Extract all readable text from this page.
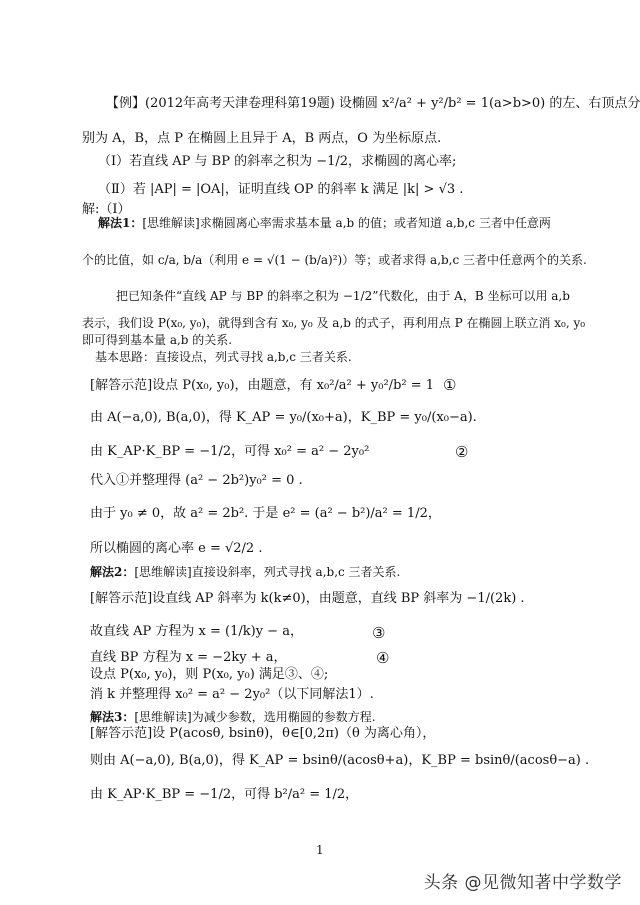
【例】(2012年高考天津卷理科第19题) 设椭圆 x²/a² + y²/b² = 1(a>b>0) 的左、右顶点分
别为 A，B，点 P 在椭圆上且异于 A，B 两点，O 为坐标原点.
（Ⅰ）若直线 AP 与 BP 的斜率之积为 −1/2，求椭圆的离心率;
（Ⅱ）若 |AP| = |OA|，证明直线 OP 的斜率 k 满足 |k| > √3 .
解:（Ⅰ）
解法1：[思维解读]求椭圆离心率需求基本量 a,b 的值；或者知道 a,b,c 三者中任意两
个的比值，如 c/a, b/a（利用 e = √(1 − (b/a)²)）等；或者求得 a,b,c 三者中任意两个的关系.
把已知条件“直线 AP 与 BP 的斜率之积为 −1/2”代数化，由于 A，B 坐标可以用 a,b
表示，我们设 P(x₀, y₀)，就得到含有 x₀, y₀ 及 a,b 的式子，再利用点 P 在椭圆上联立消 x₀, y₀
即可得到基本量 a,b 的关系.
基本思路：直接设点，列式寻找 a,b,c 三者关系.
[解答示范]设点 P(x₀, y₀)，由题意，有 x₀²/a² + y₀²/b² = 1 ①
由 A(−a,0), B(a,0)，得 K_AP = y₀/(x₀+a)，K_BP = y₀/(x₀−a).
由 K_AP·K_BP = −1/2，可得 x₀² = a² − 2y₀²	②
代入①并整理得 (a² − 2b²)y₀² = 0 .
由于 y₀ ≠ 0，故 a² = 2b². 于是 e² = (a² − b²)/a² = 1/2，
所以椭圆的离心率 e = √2/2 .
解法2：[思维解读]直接设斜率，列式寻找 a,b,c 三者关系.
[解答示范]设直线 AP 斜率为 k(k≠0)，由题意，直线 BP 斜率为 −1/(2k) .
故直线 AP 方程为 x = (1/k)y − a，	③
直线 BP 方程为 x = −2ky + a，	④
设点 P(x₀, y₀)，则 P(x₀, y₀) 满足③、④;
消 k 并整理得 x₀² = a² − 2y₀²（以下同解法1）.
解法3：[思维解读]为减少参数，选用椭圆的参数方程.
[解答示范]设 P(acosθ, bsinθ)，θ∈[0,2π)（θ 为离心角），
则由 A(−a,0), B(a,0)，得 K_AP = bsinθ/(acosθ+a)，K_BP = bsinθ/(acosθ−a) .
由 K_AP·K_BP = −1/2，可得 b²/a² = 1/2，
1
头条 @见微知著中学数学
